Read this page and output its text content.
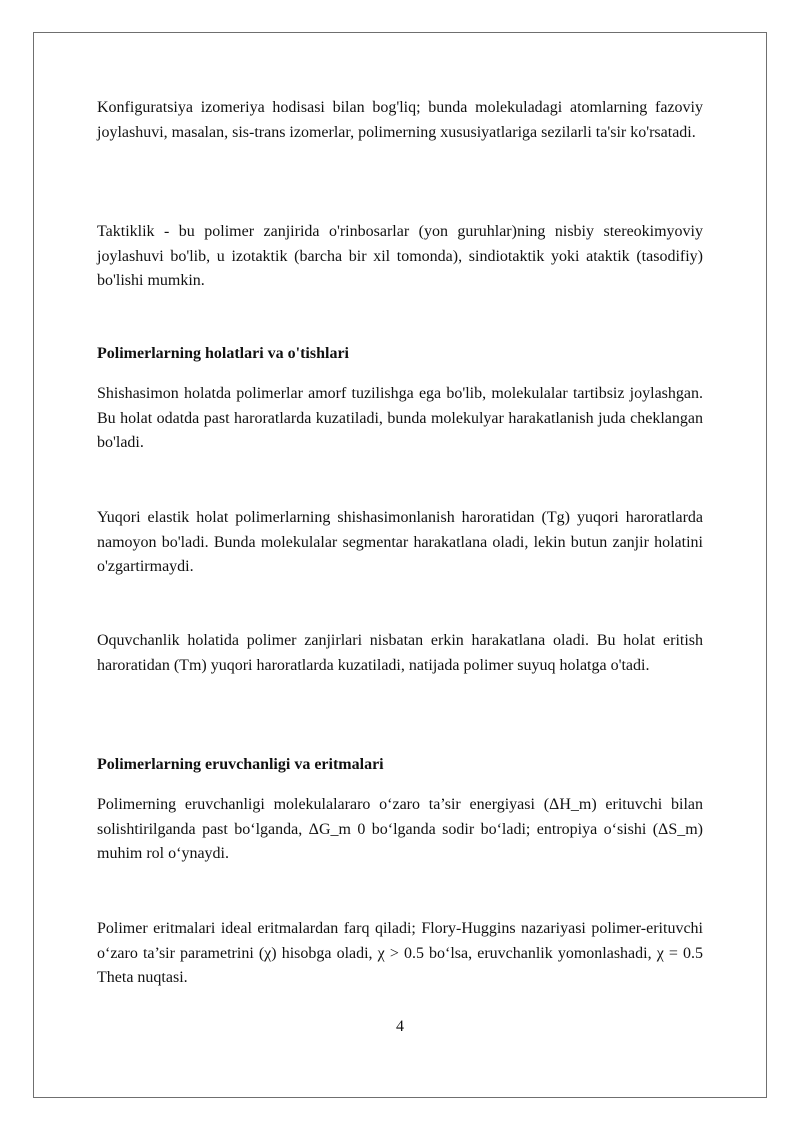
Konfiguratsiya izomeriya hodisasi bilan bog'liq; bunda molekuladagi atomlarning fazoviy joylashuvi, masalan, sis-trans izomerlar, polimerning xususiyatlariga sezilarli ta'sir ko'rsatadi.

Taktiklik - bu polimer zanjirida o'rinbosarlar (yon guruhlar)ning nisbiy stereokimyoviy joylashuvi bo'lib, u izotaktik (barcha bir xil tomonda), sindiotaktik yoki ataktik (tasodifiy) bo'lishi mumkin.

Polimerlarning holatlari va o'tishlari

Shishasimon holatda polimerlar amorf tuzilishga ega bo'lib, molekulalar tartibsiz joylashgan. Bu holat odatda past haroratlarda kuzatiladi, bunda molekulyar harakatlanish juda cheklangan bo'ladi.

Yuqori elastik holat polimerlarning shishasimonlanish haroratidan (Tg) yuqori haroratlarda namoyon bo'ladi. Bunda molekulalar segmentar harakatlana oladi, lekin butun zanjir holatini o'zgartirmaydi.

Oquvchanlik holatida polimer zanjirlari nisbatan erkin harakatlana oladi. Bu holat eritish haroratidan (Tm) yuqori haroratlarda kuzatiladi, natijada polimer suyuq holatga o'tadi.

Polimerlarning eruvchanligi va eritmalari

Polimerning eruvchanligi molekulalararo o‘zaro ta’sir energiyasi (ΔH_m) erituvchi bilan solishtirilganda past bo‘lganda, ΔG_m 0 bo‘lganda sodir bo‘ladi; entropiya o‘sishi (ΔS_m) muhim rol o‘ynaydi.

Polimer eritmalari ideal eritmalardan farq qiladi; Flory-Huggins nazariyasi polimer-erituvchi o‘zaro ta’sir parametrini (χ) hisobga oladi, χ > 0.5 bo‘lsa, eruvchanlik yomonlashadi, χ = 0.5 Theta nuqtasi.

4
